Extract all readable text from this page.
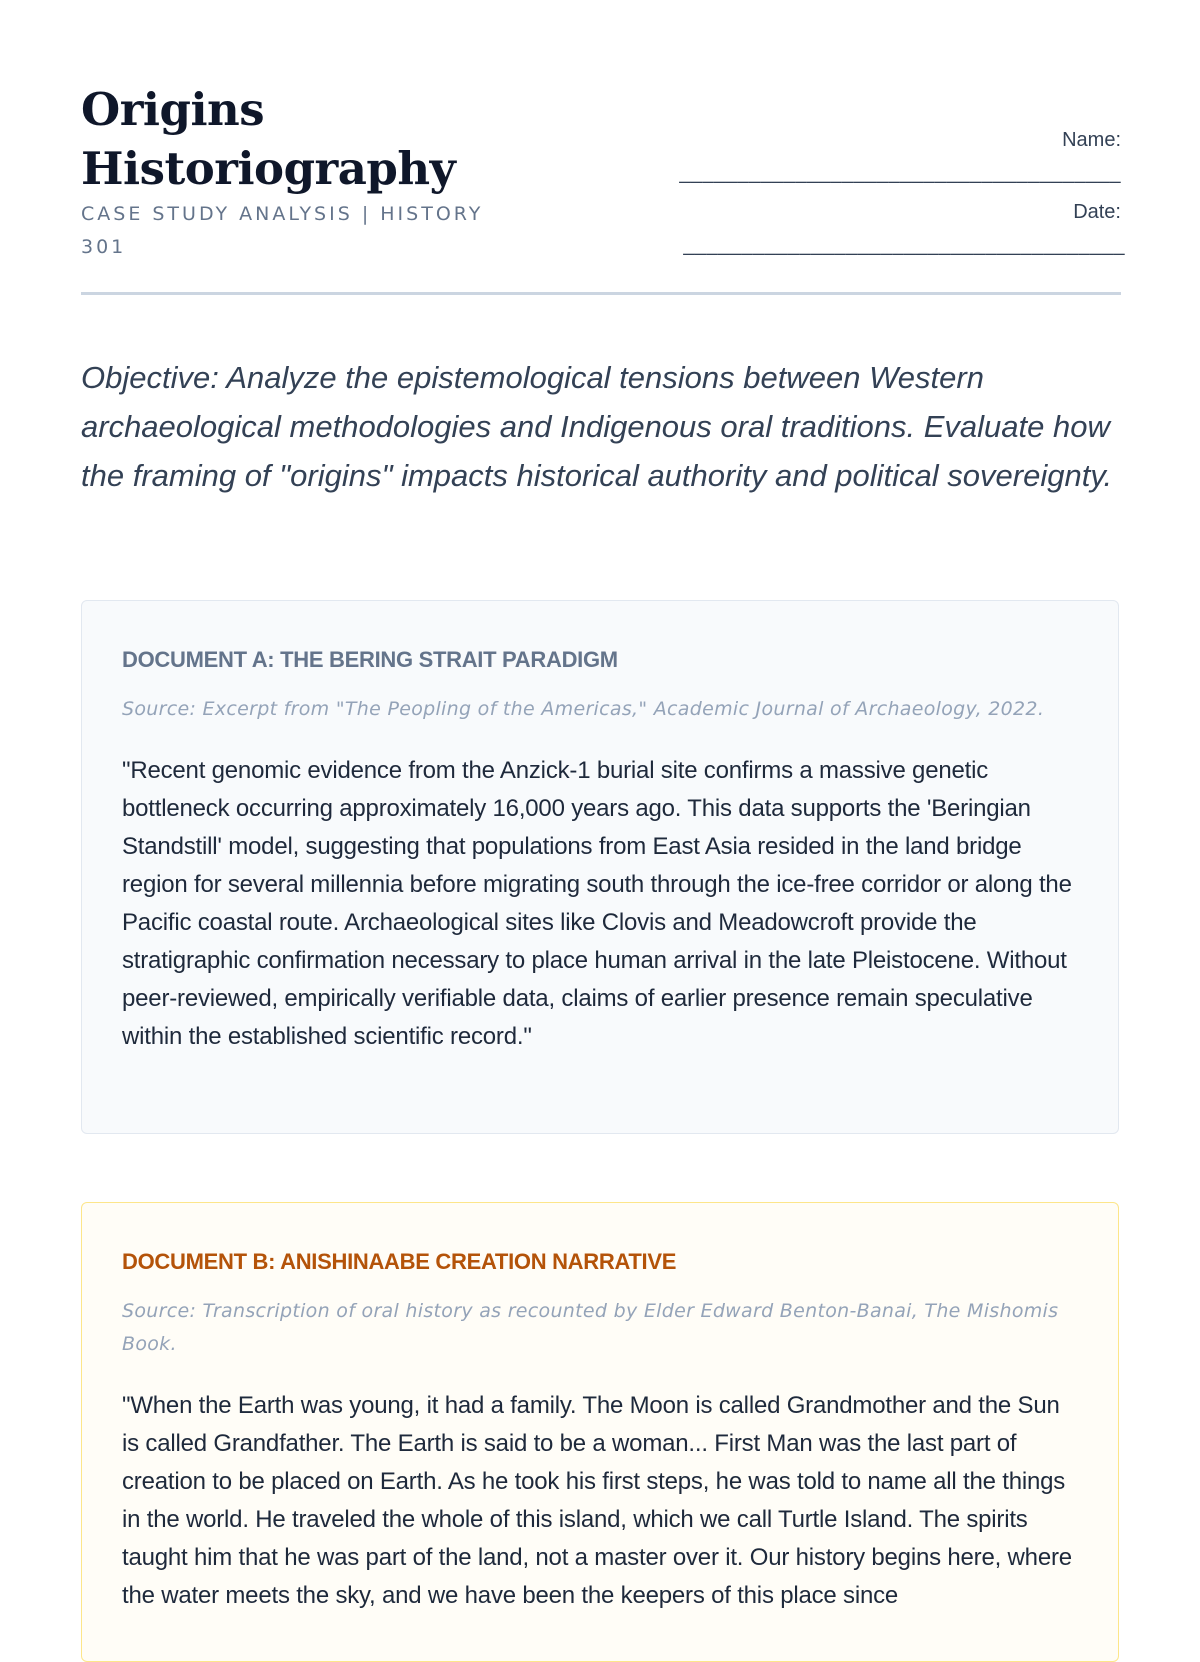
Origins Historiography
CASE STUDY ANALYSIS | HISTORY 301
Name:
______________________________________
Date:
______________________________________

Objective: Analyze the epistemological tensions between Western archaeological methodologies and Indigenous oral traditions. Evaluate how the framing of "origins" impacts historical authority and political sovereignty.

DOCUMENT A: THE BERING STRAIT PARADIGM

Source: Excerpt from "The Peopling of the Americas," Academic Journal of Archaeology, 2022.

"Recent genomic evidence from the Anzick-1 burial site confirms a massive genetic bottleneck occurring approximately 16,000 years ago. This data supports the 'Beringian Standstill' model, suggesting that populations from East Asia resided in the land bridge region for several millennia before migrating south through the ice-free corridor or along the Pacific coastal route. Archaeological sites like Clovis and Meadowcroft provide the stratigraphic confirmation necessary to place human arrival in the late Pleistocene. Without peer-reviewed, empirically verifiable data, claims of earlier presence remain speculative within the established scientific record."

DOCUMENT B: ANISHINAABE CREATION NARRATIVE

Source: Transcription of oral history as recounted by Elder Edward Benton-Banai, The Mishomis Book.

"When the Earth was young, it had a family. The Moon is called Grandmother and the Sun is called Grandfather. The Earth is said to be a woman... First Man was the last part of creation to be placed on Earth. As he took his first steps, he was told to name all the things in the world. He traveled the whole of this island, which we call Turtle Island. The spirits taught him that he was part of the land, not a master over it. Our history begins here, where the water meets the sky, and we have been the keepers of this place since
